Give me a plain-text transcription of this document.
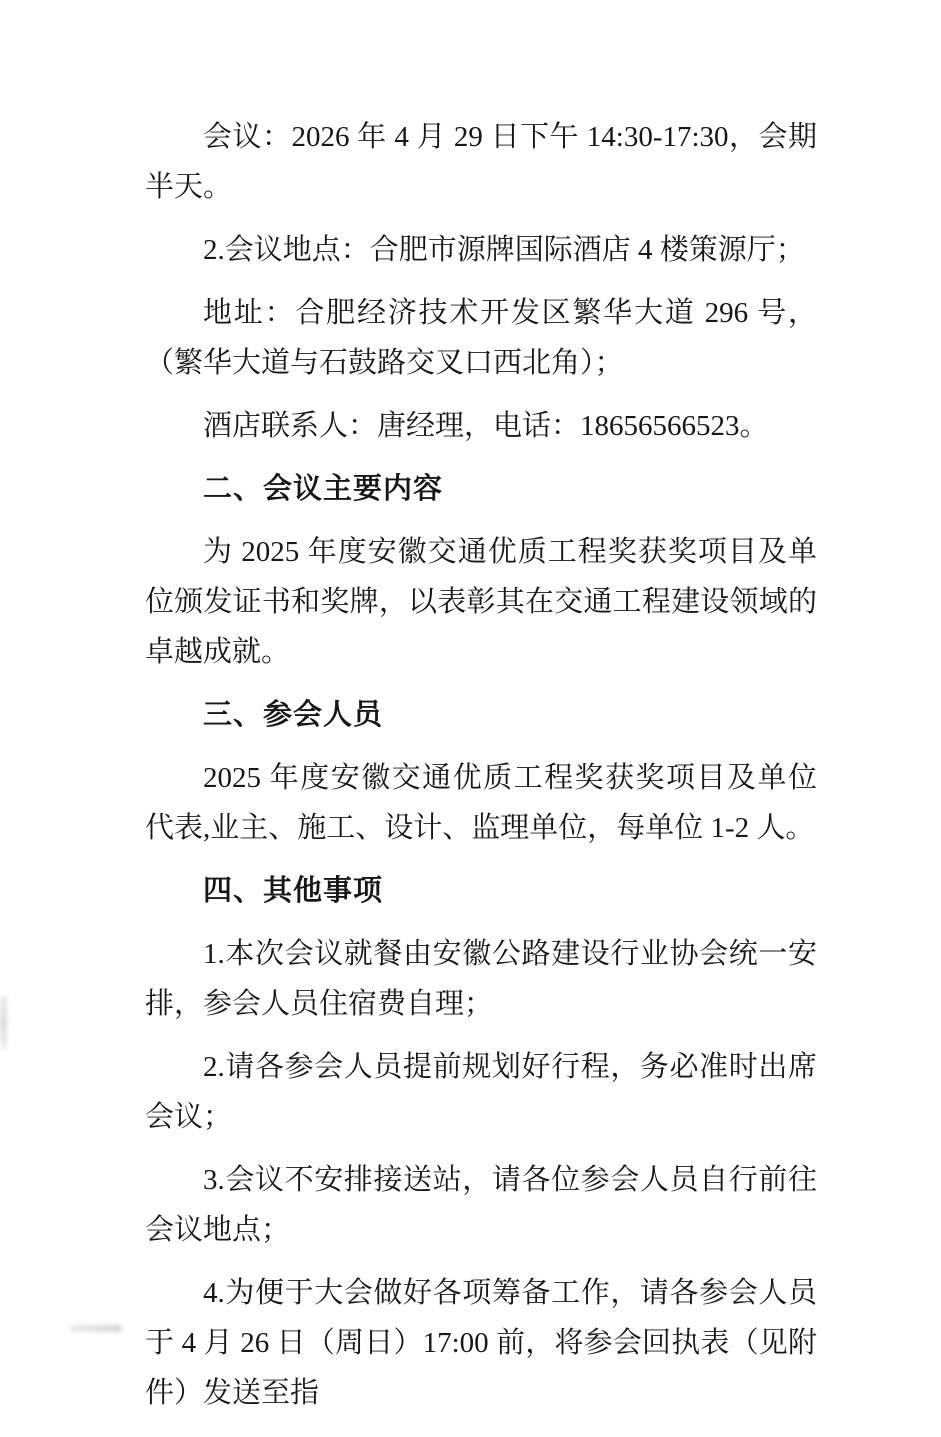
会议：2026 年 4 月 29 日下午 14:30-17:30，会期半天。

2.会议地点：合肥市源牌国际酒店 4 楼策源厅；

地址：合肥经济技术开发区繁华大道 296 号，（繁华大道与石鼓路交叉口西北角）；

酒店联系人：唐经理，电话：18656566523。

二、会议主要内容

为 2025 年度安徽交通优质工程奖获奖项目及单位颁发证书和奖牌，以表彰其在交通工程建设领域的卓越成就。

三、参会人员

2025 年度安徽交通优质工程奖获奖项目及单位代表,业主、施工、设计、监理单位，每单位 1-2 人。

四、其他事项

1.本次会议就餐由安徽公路建设行业协会统一安排，参会人员住宿费自理；

2.请各参会人员提前规划好行程，务必准时出席会议；

3.会议不安排接送站，请各位参会人员自行前往会议地点；

4.为便于大会做好各项筹备工作，请各参会人员于 4 月 26 日（周日）17:00 前，将参会回执表（见附件）发送至指
